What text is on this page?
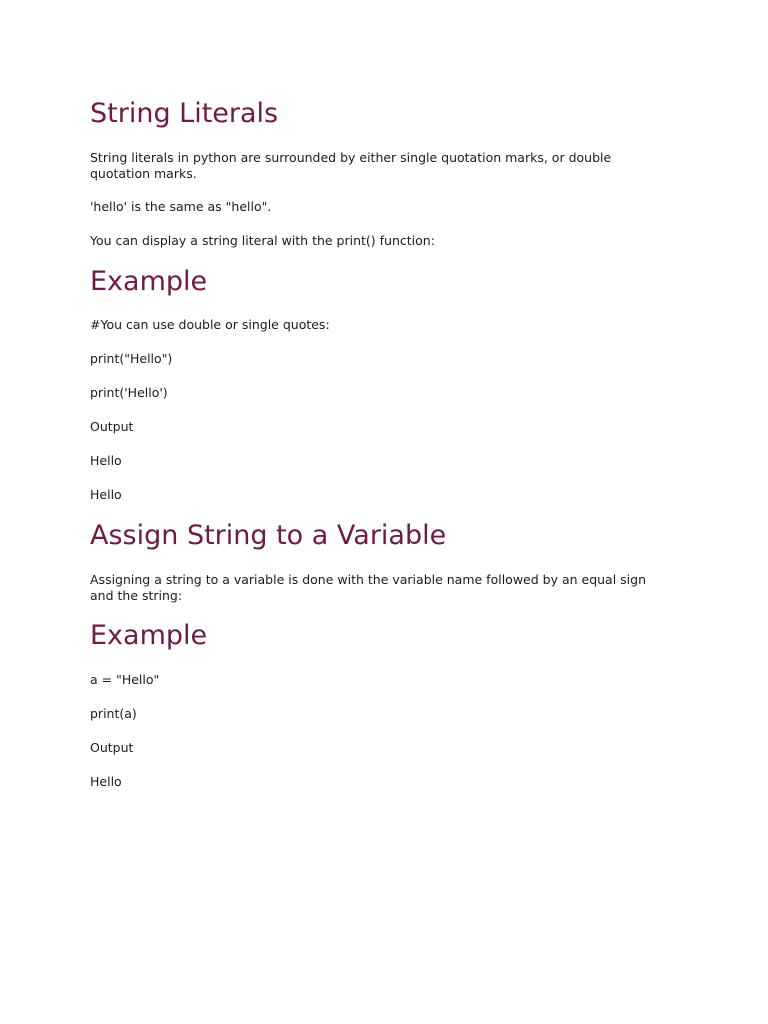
String Literals

String literals in python are surrounded by either single quotation marks, or double quotation marks.

'hello' is the same as "hello".

You can display a string literal with the print() function:

Example

#You can use double or single quotes:

print("Hello")

print('Hello')

Output

Hello

Hello

Assign String to a Variable

Assigning a string to a variable is done with the variable name followed by an equal sign and the string:

Example

a = "Hello"

print(a)

Output

Hello
